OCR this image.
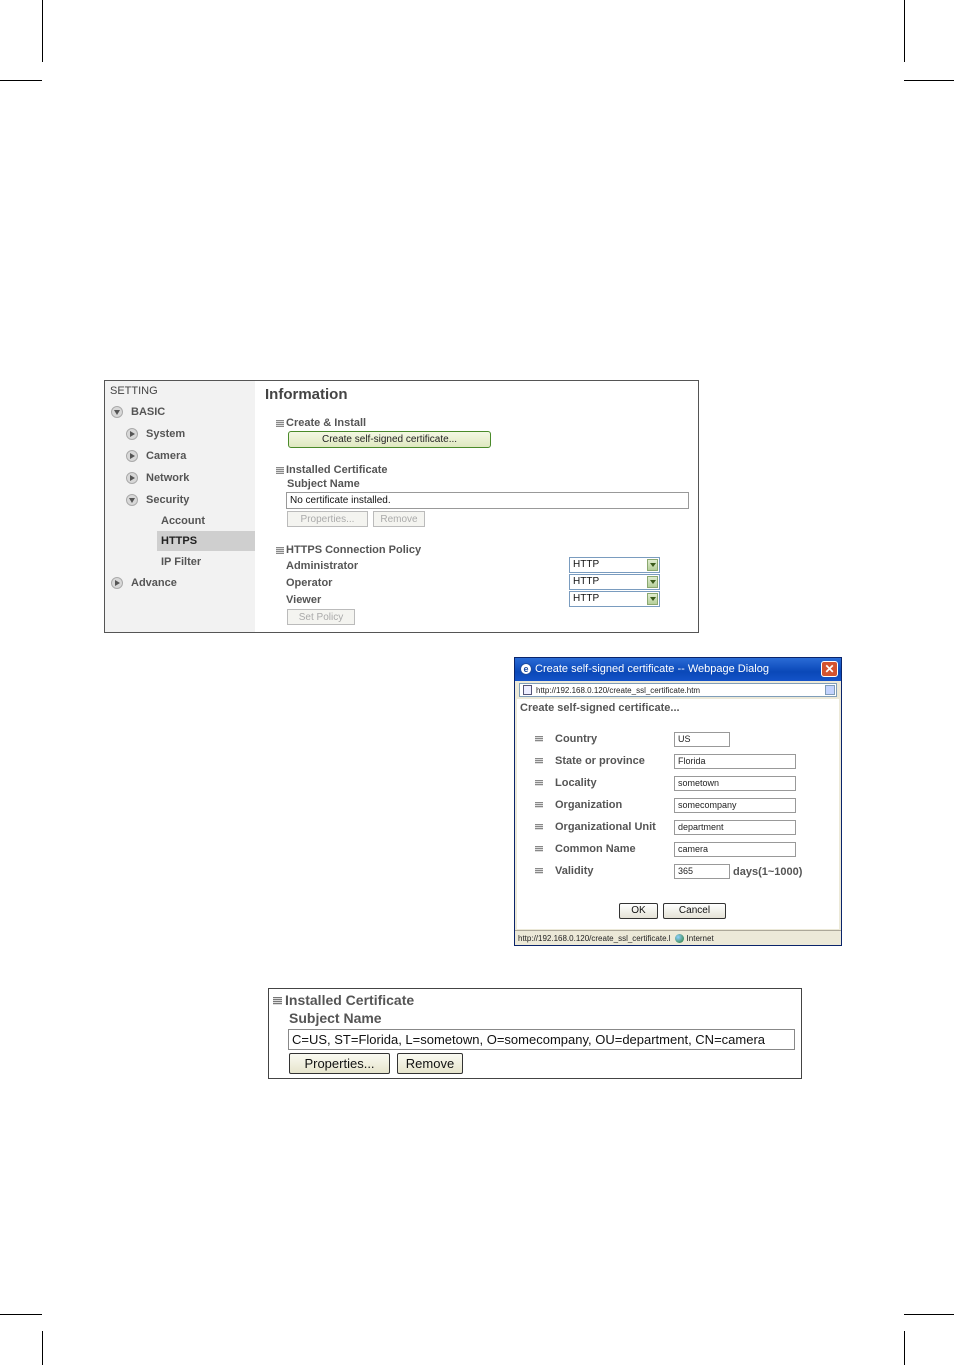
SETTING
BASIC
System
Camera
Network
Security
Account
HTTPS
IP Filter
Advance
Information
Create & Install
Create self-signed certificate...
Installed Certificate
Subject Name
No certificate installed.
Properties...	Remove
HTTPS Connection Policy
Administrator	HTTP
Operator	HTTP
Viewer	HTTP
Set Policy
e Create self-signed certificate -- Webpage Dialog	✕
http://192.168.0.120/create_ssl_certificate.htm
Create self-signed certificate...
Country	US
State or province	Florida
Locality	sometown
Organization	somecompany
Organizational Unit	department
Common Name	camera
Validity	365	days(1~1000)
OK	Cancel
http://192.168.0.120/create_ssl_certificate.l Internet
Installed Certificate
Subject Name
C=US, ST=Florida, L=sometown, O=somecompany, OU=department, CN=camera
Properties...	Remove
